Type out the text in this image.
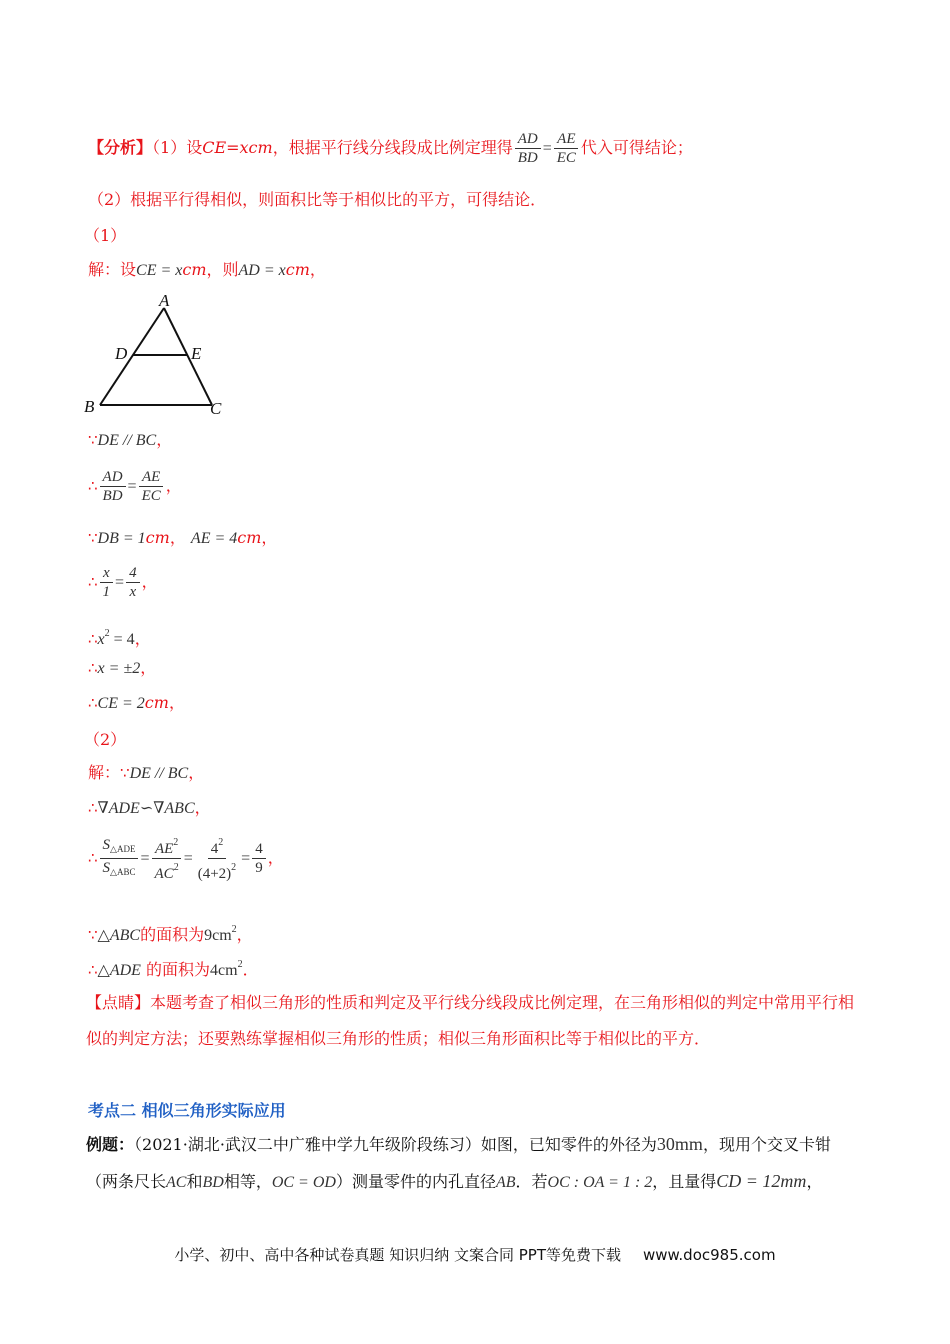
【分析】（1）设CE=xcm，根据平行线分线段成比例定理得 $\frac{AD}{BD} = \frac{AE}{EC}$ 代入可得结论；
（2）根据平行得相似，则面积比等于相似比的平方，可得结论．
（1）
解：设CE = xcm，则AD = xcm，
A
D	E
B	C
∵DE // BC，
∴ $\frac{AD}{BD} = \frac{AE}{EC}$ ，
∵DB = 1cm， AE = 4cm，
∴ $\frac{x}{1} = \frac{4}{x}$ ，
$\therefore x^2 = 4$，
∴x = ±2，
∴CE = 2cm，
（2）
解：∵DE // BC，
∴∇ADE∽∇ABC，
∴ $\frac{S_{\triangle ADE}}{S_{\triangle ABC}} = \frac{AE^2}{AC^2} = \frac{4^2}{(4+2)^2} = \frac{4}{9}$ ，
∵△ABC的面积为$9cm^2$，
∴△ADE 的面积为$4cm^2$．
【点睛】本题考查了相似三角形的性质和判定及平行线分线段成比例定理，在三角形相似的判定中常用平行相似的判定方法；还要熟练掌握相似三角形的性质；相似三角形面积比等于相似比的平方．
考点二 相似三角形实际应用
例题：（2021·湖北·武汉二中广雅中学九年级阶段练习）如图，已知零件的外径为30mm，现用个交叉卡钳
（两条尺长AC和BD相等，OC = OD）测量零件的内孔直径AB．若OC : OA = 1 : 2，且量得CD = 12mm，
小学、初中、高中各种试卷真题 知识归纳 文案合同 PPT等免费下载 www.doc985.com
